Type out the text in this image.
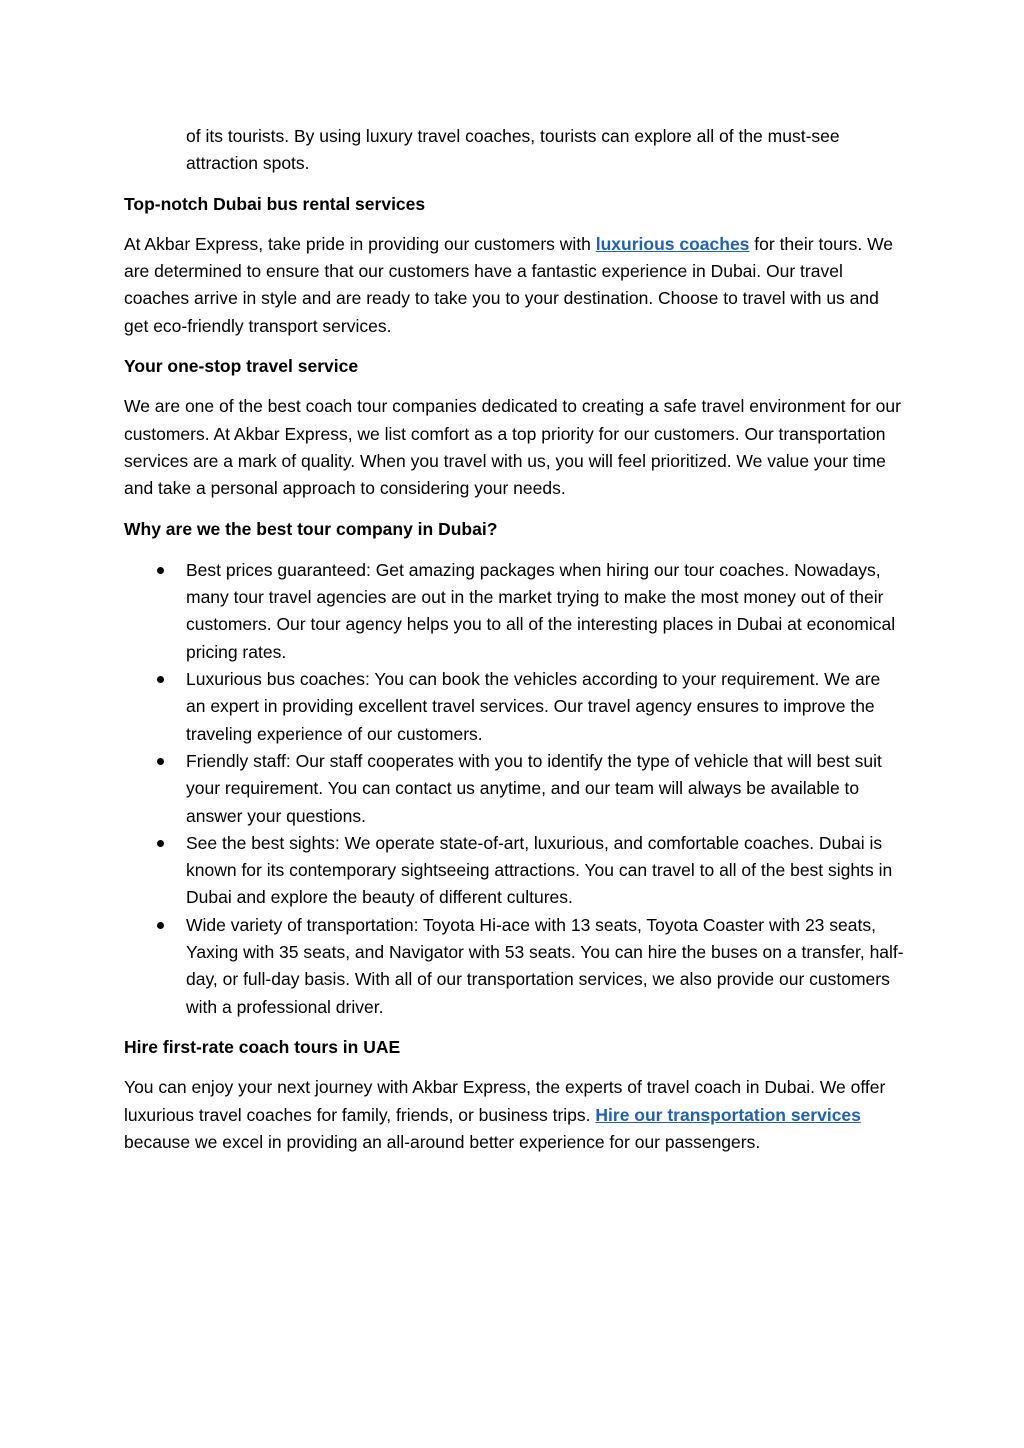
of its tourists. By using luxury travel coaches, tourists can explore all of the must-see attraction spots.

Top-notch Dubai bus rental services

At Akbar Express, take pride in providing our customers with luxurious coaches for their tours. We are determined to ensure that our customers have a fantastic experience in Dubai. Our travel coaches arrive in style and are ready to take you to your destination. Choose to travel with us and get eco-friendly transport services.

Your one-stop travel service

We are one of the best coach tour companies dedicated to creating a safe travel environment for our customers. At Akbar Express, we list comfort as a top priority for our customers. Our transportation services are a mark of quality. When you travel with us, you will feel prioritized. We value your time and take a personal approach to considering your needs.

Why are we the best tour company in Dubai?

Best prices guaranteed: Get amazing packages when hiring our tour coaches. Nowadays, many tour travel agencies are out in the market trying to make the most money out of their customers. Our tour agency helps you to all of the interesting places in Dubai at economical pricing rates.
Luxurious bus coaches: You can book the vehicles according to your requirement. We are an expert in providing excellent travel services. Our travel agency ensures to improve the traveling experience of our customers.
Friendly staff: Our staff cooperates with you to identify the type of vehicle that will best suit your requirement. You can contact us anytime, and our team will always be available to answer your questions.
See the best sights: We operate state-of-art, luxurious, and comfortable coaches. Dubai is known for its contemporary sightseeing attractions. You can travel to all of the best sights in Dubai and explore the beauty of different cultures.
Wide variety of transportation: Toyota Hi-ace with 13 seats, Toyota Coaster with 23 seats, Yaxing with 35 seats, and Navigator with 53 seats. You can hire the buses on a transfer, half-day, or full-day basis. With all of our transportation services, we also provide our customers with a professional driver.

Hire first-rate coach tours in UAE

You can enjoy your next journey with Akbar Express, the experts of travel coach in Dubai. We offer luxurious travel coaches for family, friends, or business trips. Hire our transportation services because we excel in providing an all-around better experience for our passengers.
